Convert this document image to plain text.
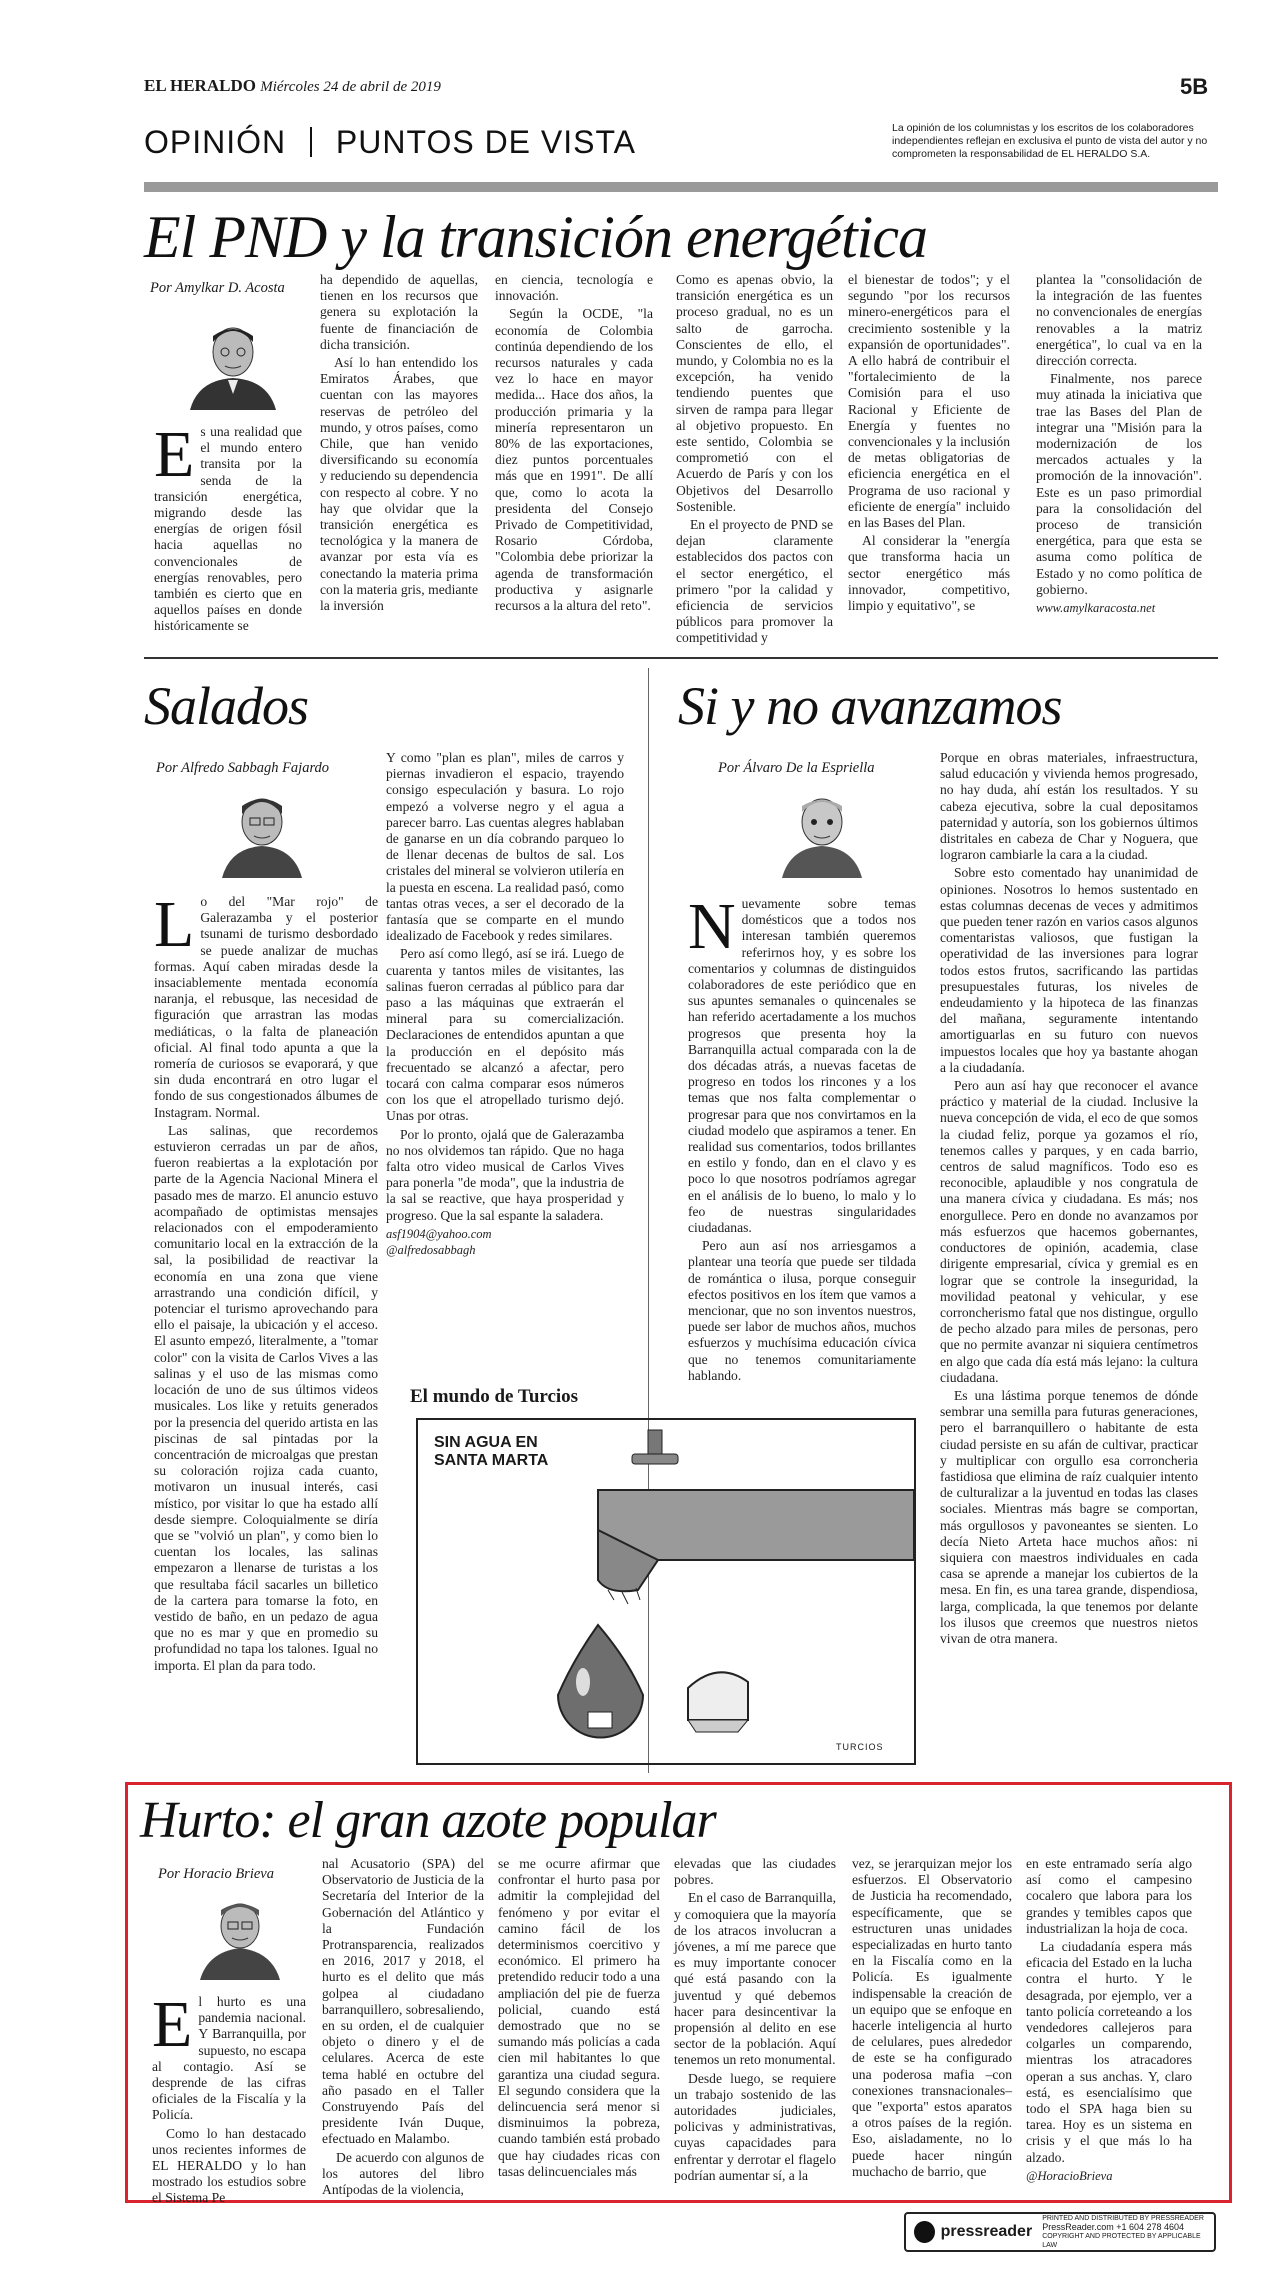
EL HERALDO Miércoles 24 de abril de 2019	5B
OPINIÓN PUNTOS DE VISTA	La opinión de los columnistas y los escritos de los colaboradores independientes reflejan en exclusiva el punto de vista del autor y no comprometen la responsabilidad de EL HERALDO S.A.
El PND y la transición energética
Por Amylkar D. Acosta
E s una realidad que el mundo entero transita por la senda de la transición energética, migrando desde las energías de origen fósil hacia aquellas no convencionales de energías renovables, pero también es cierto que en aquellos países en donde históricamente se

ha dependido de aquellas, tienen en los recursos que genera su explotación la fuente de financiación de dicha transición.

Así lo han entendido los Emiratos Árabes, que cuentan con las mayores reservas de petróleo del mundo, y otros países, como Chile, que han venido diversificando su economía y reduciendo su dependencia con respecto al cobre. Y no hay que olvidar que la transición energética es tecnológica y la manera de avanzar por esta vía es conectando la materia prima con la materia gris, mediante la inversión

en ciencia, tecnología e innovación.

Según la OCDE, "la economía de Colombia continúa dependiendo de los recursos naturales y cada vez lo hace en mayor medida... Hace dos años, la producción primaria y la minería representaron un 80% de las exportaciones, diez puntos porcentuales más que en 1991". De allí que, como lo acota la presidenta del Consejo Privado de Competitividad, Rosario Córdoba, "Colombia debe priorizar la agenda de transformación productiva y asignarle recursos a la altura del reto".

Como es apenas obvio, la transición energética es un proceso gradual, no es un salto de garrocha. Conscientes de ello, el mundo, y Colombia no es la excepción, ha venido tendiendo puentes que sirven de rampa para llegar al objetivo propuesto. En este sentido, Colombia se comprometió con el Acuerdo de París y con los Objetivos del Desarrollo Sostenible.

En el proyecto de PND se dejan claramente establecidos dos pactos con el sector energético, el primero "por la calidad y eficiencia de servicios públicos para promover la competitividad y

el bienestar de todos"; y el segundo "por los recursos minero-energéticos para el crecimiento sostenible y la expansión de oportunidades". A ello habrá de contribuir el "fortalecimiento de la Comisión para el uso Racional y Eficiente de Energía y fuentes no convencionales y la inclusión de metas obligatorias de eficiencia energética en el Programa de uso racional y eficiente de energía" incluido en las Bases del Plan.

Al considerar la "energía que transforma hacia un sector energético más innovador, competitivo, limpio y equitativo", se

plantea la "consolidación de la integración de las fuentes no convencionales de energías renovables a la matriz energética", lo cual va en la dirección correcta.

Finalmente, nos parece muy atinada la iniciativa que trae las Bases del Plan de integrar una "Misión para la modernización de los mercados actuales y la promoción de la innovación". Este es un paso primordial para la consolidación del proceso de transición energética, para que esta se asuma como política de Estado y no como política de gobierno.

www.amylkaracosta.net
Salados
Por Alfredo Sabbagh Fajardo
L o del "Mar rojo" de Galerazamba y el posterior tsunami de turismo desbordado se puede analizar de muchas formas. Aquí caben miradas desde la insaciablemente mentada economía naranja, el rebusque, las necesidad de figuración que arrastran las modas mediáticas, o la falta de planeación oficial. Al final todo apunta a que la romería de curiosos se evaporará, y que sin duda encontrará en otro lugar el fondo de sus congestionados álbumes de Instagram. Normal.

Las salinas, que recordemos estuvieron cerradas un par de años, fueron reabiertas a la explotación por parte de la Agencia Nacional Minera el pasado mes de marzo. El anuncio estuvo acompañado de optimistas mensajes relacionados con el empoderamiento comunitario local en la extracción de la sal, la posibilidad de reactivar la economía en una zona que viene arrastrando una condición difícil, y potenciar el turismo aprovechando para ello el paisaje, la ubicación y el acceso. El asunto empezó, literalmente, a "tomar color" con la visita de Carlos Vives a las salinas y el uso de las mismas como locación de uno de sus últimos videos musicales. Los like y retuits generados por la presencia del querido artista en las piscinas de sal pintadas por la concentración de microalgas que prestan su coloración rojiza cada cuanto, motivaron un inusual interés, casi místico, por visitar lo que ha estado allí desde siempre. Coloquialmente se diría que se "volvió un plan", y como bien lo cuentan los locales, las salinas empezaron a llenarse de turistas a los que resultaba fácil sacarles un billetico de la cartera para tomarse la foto, en vestido de baño, en un pedazo de agua que no es mar y que en promedio su profundidad no tapa los talones. Igual no importa. El plan da para todo.

Y como "plan es plan", miles de carros y piernas invadieron el espacio, trayendo consigo especulación y basura. Lo rojo empezó a volverse negro y el agua a parecer barro. Las cuentas alegres hablaban de ganarse en un día cobrando parqueo lo de llenar decenas de bultos de sal. Los cristales del mineral se volvieron utilería en la puesta en escena. La realidad pasó, como tantas otras veces, a ser el decorado de la fantasía que se comparte en el mundo idealizado de Facebook y redes similares.

Pero así como llegó, así se irá. Luego de cuarenta y tantos miles de visitantes, las salinas fueron cerradas al público para dar paso a las máquinas que extraerán el mineral para su comercialización. Declaraciones de entendidos apuntan a que la producción en el depósito más frecuentado se alcanzó a afectar, pero tocará con calma comparar esos números con los que el atropellado turismo dejó. Unas por otras.

Por lo pronto, ojalá que de Galerazamba no nos olvidemos tan rápido. Que no haga falta otro video musical de Carlos Vives para ponerla "de moda", que la industria de la sal se reactive, que haya prosperidad y progreso. Que la sal espante la saladera.

asf1904@yahoo.com
@alfredosabbagh
El mundo de Turcios
SIN AGUA EN SANTA MARTA
TURCIOS
Si y no avanzamos
Por Álvaro De la Espriella
N uevamente sobre temas domésticos que a todos nos interesan también queremos referirnos hoy, y es sobre los comentarios y columnas de distinguidos colaboradores de este periódico que en sus apuntes semanales o quincenales se han referido acertadamente a los muchos progresos que presenta hoy la Barranquilla actual comparada con la de dos décadas atrás, a nuevas facetas de progreso en todos los rincones y a los temas que nos falta complementar o progresar para que nos convirtamos en la ciudad modelo que aspiramos a tener. En realidad sus comentarios, todos brillantes en estilo y fondo, dan en el clavo y es poco lo que nosotros podríamos agregar en el análisis de lo bueno, lo malo y lo feo de nuestras singularidades ciudadanas.

Pero aun así nos arriesgamos a plantear una teoría que puede ser tildada de romántica o ilusa, porque conseguir efectos positivos en los ítem que vamos a mencionar, que no son inventos nuestros, puede ser labor de muchos años, muchos esfuerzos y muchísima educación cívica que no tenemos comunitariamente hablando.

Porque en obras materiales, infraestructura, salud educación y vivienda hemos progresado, no hay duda, ahí están los resultados. Y su cabeza ejecutiva, sobre la cual depositamos paternidad y autoría, son los gobiernos últimos distritales en cabeza de Char y Noguera, que lograron cambiarle la cara a la ciudad.

Sobre esto comentado hay unanimidad de opiniones. Nosotros lo hemos sustentado en estas columnas decenas de veces y admitimos que pueden tener razón en varios casos algunos comentaristas valiosos, que fustigan la operatividad de las inversiones para lograr todos estos frutos, sacrificando las partidas presupuestales futuras, los niveles de endeudamiento y la hipoteca de las finanzas del mañana, seguramente intentando amortiguarlas en su futuro con nuevos impuestos locales que hoy ya bastante ahogan a la ciudadanía.

Pero aun así hay que reconocer el avance práctico y material de la ciudad. Inclusive la nueva concepción de vida, el eco de que somos la ciudad feliz, porque ya gozamos el río, tenemos calles y parques, y en cada barrio, centros de salud magníficos. Todo eso es reconocible, aplaudible y nos congratula de una manera cívica y ciudadana. Es más; nos enorgullece. Pero en donde no avanzamos por más esfuerzos que hacemos gobernantes, conductores de opinión, academia, clase dirigente empresarial, cívica y gremial es en lograr que se controle la inseguridad, la movilidad peatonal y vehicular, y ese corroncherismo fatal que nos distingue, orgullo de pecho alzado para miles de personas, pero que no permite avanzar ni siquiera centímetros en algo que cada día está más lejano: la cultura ciudadana.

Es una lástima porque tenemos de dónde sembrar una semilla para futuras generaciones, pero el barranquillero o habitante de esta ciudad persiste en su afán de cultivar, practicar y multiplicar con orgullo esa corroncheria fastidiosa que elimina de raíz cualquier intento de culturalizar a la juventud en todas las clases sociales. Mientras más bagre se comportan, más orgullosos y pavoneantes se sienten. Lo decía Nieto Arteta hace muchos años: ni siquiera con maestros individuales en cada casa se aprende a manejar los cubiertos de la mesa. En fin, es una tarea grande, dispendiosa, larga, complicada, la que tenemos por delante los ilusos que creemos que nuestros nietos vivan de otra manera.

Hurto: el gran azote popular
Por Horacio Brieva
E l hurto es una pandemia nacional. Y Barranquilla, por supuesto, no escapa al contagio. Así se desprende de las cifras oficiales de la Fiscalía y la Policía.

Como lo han destacado unos recientes informes de EL HERALDO y lo han mostrado los estudios sobre el Sistema Pe

nal Acusatorio (SPA) del Observatorio de Justicia de la Secretaría del Interior de la Gobernación del Atlántico y la Fundación Protransparencia, realizados en 2016, 2017 y 2018, el hurto es el delito que más golpea al ciudadano barranquillero, sobresaliendo, en su orden, el de cualquier objeto o dinero y el de celulares. Acerca de este tema hablé en octubre del año pasado en el Taller Construyendo País del presidente Iván Duque, efectuado en Malambo.

De acuerdo con algunos de los autores del libro Antípodas de la violencia,

se me ocurre afirmar que confrontar el hurto pasa por admitir la complejidad del fenómeno y por evitar el camino fácil de los determinismos coercitivo y económico. El primero ha pretendido reducir todo a una ampliación del pie de fuerza policial, cuando está demostrado que no se sumando más policías a cada cien mil habitantes lo que garantiza una ciudad segura. El segundo considera que la delincuencia será menor si disminuimos la pobreza, cuando también está probado que hay ciudades ricas con tasas delincuenciales más

elevadas que las ciudades pobres.

En el caso de Barranquilla, y comoquiera que la mayoría de los atracos involucran a jóvenes, a mí me parece que es muy importante conocer qué está pasando con la juventud y qué debemos hacer para desincentivar la propensión al delito en ese sector de la población. Aquí tenemos un reto monumental.

Desde luego, se requiere un trabajo sostenido de las autoridades judiciales, policivas y administrativas, cuyas capacidades para enfrentar y derrotar el flagelo podrían aumentar sí, a la

vez, se jerarquizan mejor los esfuerzos. El Observatorio de Justicia ha recomendado, específicamente, que se estructuren unas unidades especializadas en hurto tanto en la Fiscalía como en la Policía. Es igualmente indispensable la creación de un equipo que se enfoque en hacerle inteligencia al hurto de celulares, pues alrededor de este se ha configurado una poderosa mafia –con conexiones transnacionales– que "exporta" estos aparatos a otros países de la región. Eso, aisladamente, no lo puede hacer ningún muchacho de barrio, que

en este entramado sería algo así como el campesino cocalero que labora para los grandes y temibles capos que industrializan la hoja de coca.

La ciudadanía espera más eficacia del Estado en la lucha contra el hurto. Y le desagrada, por ejemplo, ver a tanto policía correteando a los vendedores callejeros para colgarles un comparendo, mientras los atracadores operan a sus anchas. Y, claro está, es esencialísimo que todo el SPA haga bien su tarea. Hoy es un sistema en crisis y el que más lo ha alzado.

@HoracioBrieva
pressreader
PRINTED AND DISTRIBUTED BY PRESSREADER
PressReader.com +1 604 278 4604
COPYRIGHT AND PROTECTED BY APPLICABLE LAW
